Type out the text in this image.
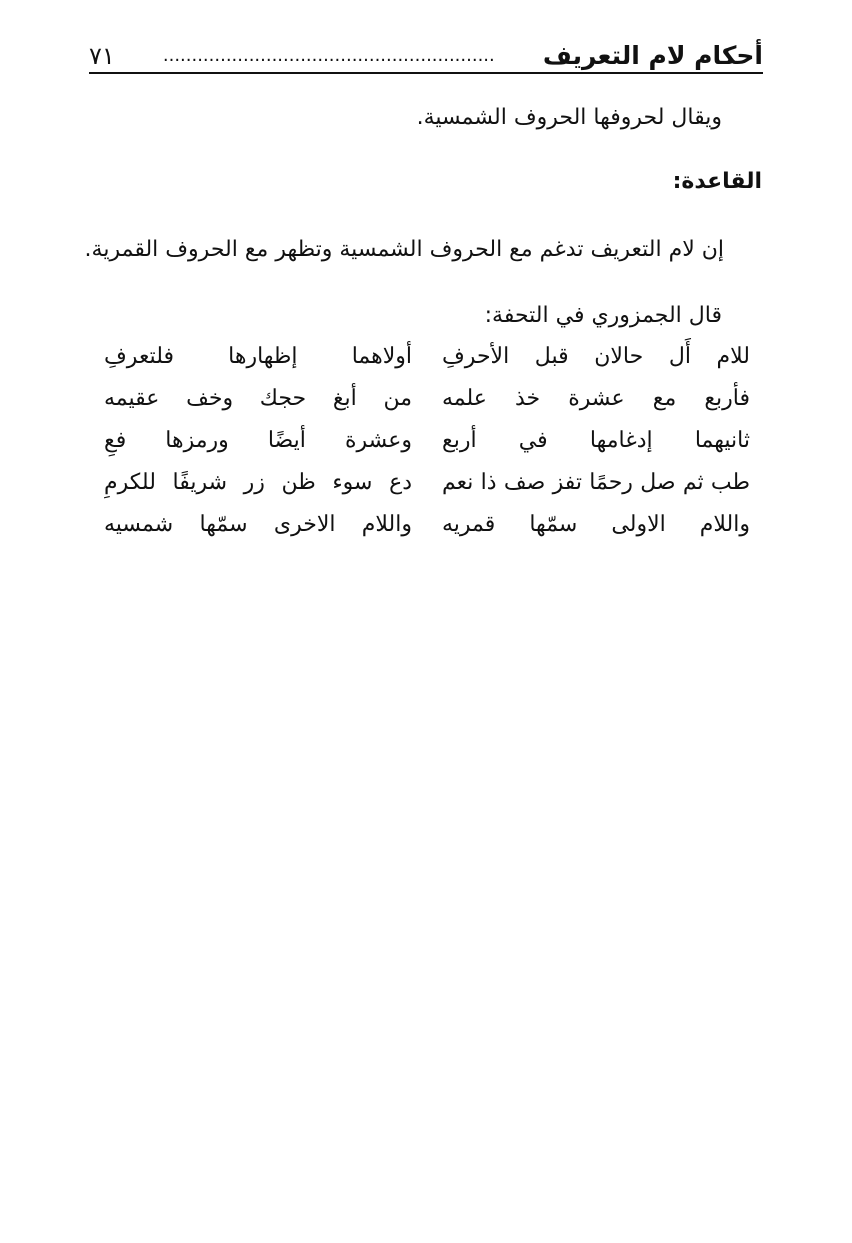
أحكام لام التعريف
..........................................................
٧١
ويقال لحروفها الحروف الشمسية.
القاعدة:
إن لام التعريف تدغم مع الحروف الشمسية وتظهر مع الحروف القمرية.
قال الجمزوري في التحفة:
للام أَل حالان قبل الأحرفِ
أولاهما إظهارها فلتعرفِ
فأربع مع عشرة خذ علمه
من أبغ حجك وخف عقيمه
ثانيهما إدغامها في أربع
وعشرة أيضًا ورمزها فعِ
طب ثم صل رحمًا تفز صف ذا نعم
دع سوء ظن زر شريفًا للكرمِ
واللام الاولى سمّها قمريه
واللام الاخرى سمّها شمسيه
